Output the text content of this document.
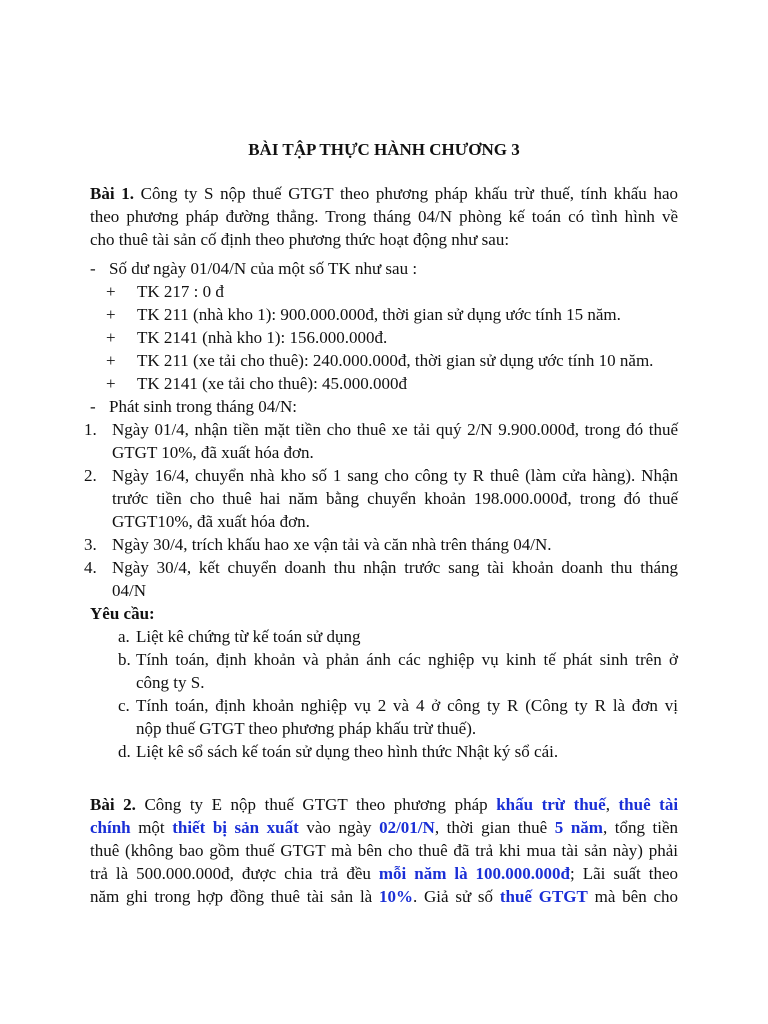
BÀI TẬP THỰC HÀNH CHƯƠNG 3
Bài 1. Công ty S nộp thuế GTGT theo phương pháp khấu trừ thuế, tính khấu hao
theo phương pháp đường thẳng. Trong tháng 04/N phòng kế toán có tình hình về
cho thuê tài sản cố định theo phương thức hoạt động như sau:
- Số dư ngày 01/04/N của một số TK như sau :
+ TK 217 : 0 đ
+ TK 211 (nhà kho 1): 900.000.000đ, thời gian sử dụng ước tính 15 năm.
+ TK 2141 (nhà kho 1): 156.000.000đ.
+ TK 211 (xe tải cho thuê): 240.000.000đ, thời gian sử dụng ước tính 10 năm.
+ TK 2141 (xe tải cho thuê): 45.000.000đ
- Phát sinh trong tháng 04/N:
1. Ngày 01/4, nhận tiền mặt tiền cho thuê xe tải quý 2/N 9.900.000đ, trong đó thuế
GTGT 10%, đã xuất hóa đơn.
2. Ngày 16/4, chuyển nhà kho số 1 sang cho công ty R thuê (làm cửa hàng). Nhận
trước tiền cho thuê hai năm bằng chuyển khoản 198.000.000đ, trong đó thuế
GTGT10%, đã xuất hóa đơn.
3. Ngày 30/4, trích khấu hao xe vận tải và căn nhà trên tháng 04/N.
4. Ngày 30/4, kết chuyển doanh thu nhận trước sang tài khoản doanh thu tháng
04/N
Yêu cầu:
a. Liệt kê chứng từ kế toán sử dụng
b. Tính toán, định khoản và phản ánh các nghiệp vụ kinh tế phát sinh trên ở
công ty S.
c. Tính toán, định khoản nghiệp vụ 2 và 4 ở công ty R (Công ty R là đơn vị
nộp thuế GTGT theo phương pháp khấu trừ thuế).
d. Liệt kê sổ sách kế toán sử dụng theo hình thức Nhật ký sổ cái.
Bài 2. Công ty E nộp thuế GTGT theo phương pháp khấu trừ thuế, thuê tài
chính một thiết bị sản xuất vào ngày 02/01/N, thời gian thuê 5 năm, tổng tiền
thuê (không bao gồm thuế GTGT mà bên cho thuê đã trả khi mua tài sản này) phải
trả là 500.000.000đ, được chia trả đều mỗi năm là 100.000.000đ; Lãi suất theo
năm ghi trong hợp đồng thuê tài sản là 10%. Giả sử số thuế GTGT mà bên cho
